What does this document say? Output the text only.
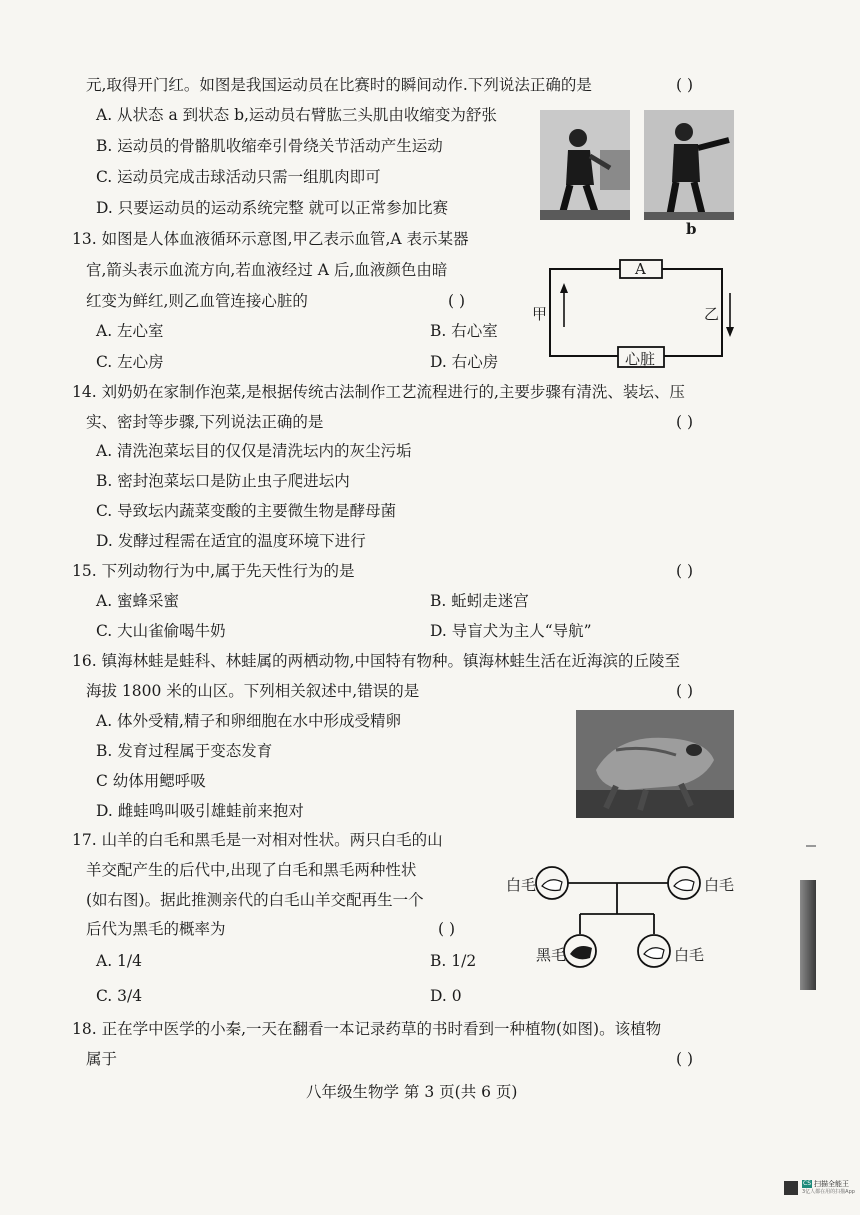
元,取得开门红。如图是我国运动员在比赛时的瞬间动作.下列说法正确的是	( )
A. 从状态 a 到状态 b,运动员右臂肱三头肌由收缩变为舒张
B. 运动员的骨骼肌收缩牵引骨绕关节活动产生运动
C. 运动员完成击球活动只需一组肌肉即可
D. 只要运动员的运动系统完整 就可以正常参加比赛
b
13. 如图是人体血液循环示意图,甲乙表示血管,A 表示某器
官,箭头表示血流方向,若血液经过 A 后,血液颜色由暗
红变为鲜红,则乙血管连接心脏的	( )
A. 左心室	B. 右心室
C. 左心房	D. 右心房
A
心脏
甲	乙
14. 刘奶奶在家制作泡菜,是根据传统古法制作工艺流程进行的,主要步骤有清洗、装坛、压
实、密封等步骤,下列说法正确的是	( )
A. 清洗泡菜坛目的仅仅是清洗坛内的灰尘污垢
B. 密封泡菜坛口是防止虫子爬进坛内
C. 导致坛内蔬菜变酸的主要微生物是酵母菌
D. 发酵过程需在适宜的温度环境下进行
15. 下列动物行为中,属于先天性行为的是	( )
A. 蜜蜂采蜜	B. 蚯蚓走迷宫
C. 大山雀偷喝牛奶	D. 导盲犬为主人“导航”
16. 镇海林蛙是蛙科、林蛙属的两栖动物,中国特有物种。镇海林蛙生活在近海滨的丘陵至
海拔 1800 米的山区。下列相关叙述中,错误的是	( )
A. 体外受精,精子和卵细胞在水中形成受精卵
B. 发育过程属于变态发育
C 幼体用鳃呼吸
D. 雌蛙鸣叫吸引雄蛙前来抱对
17. 山羊的白毛和黑毛是一对相对性状。两只白毛的山
羊交配产生的后代中,出现了白毛和黑毛两种性状
(如右图)。据此推测亲代的白毛山羊交配再生一个
后代为黑毛的概率为	( )
A. 1/4	B. 1/2
C. 3/4	D. 0
白毛	白毛
黑毛	白毛
18. 正在学中医学的小秦,一天在翻看一本记录药草的书时看到一种植物(如图)。该植物
属于	( )
八年级生物学 第 3 页(共 6 页)
CS 扫描全能王
3亿人都在用的扫描App
